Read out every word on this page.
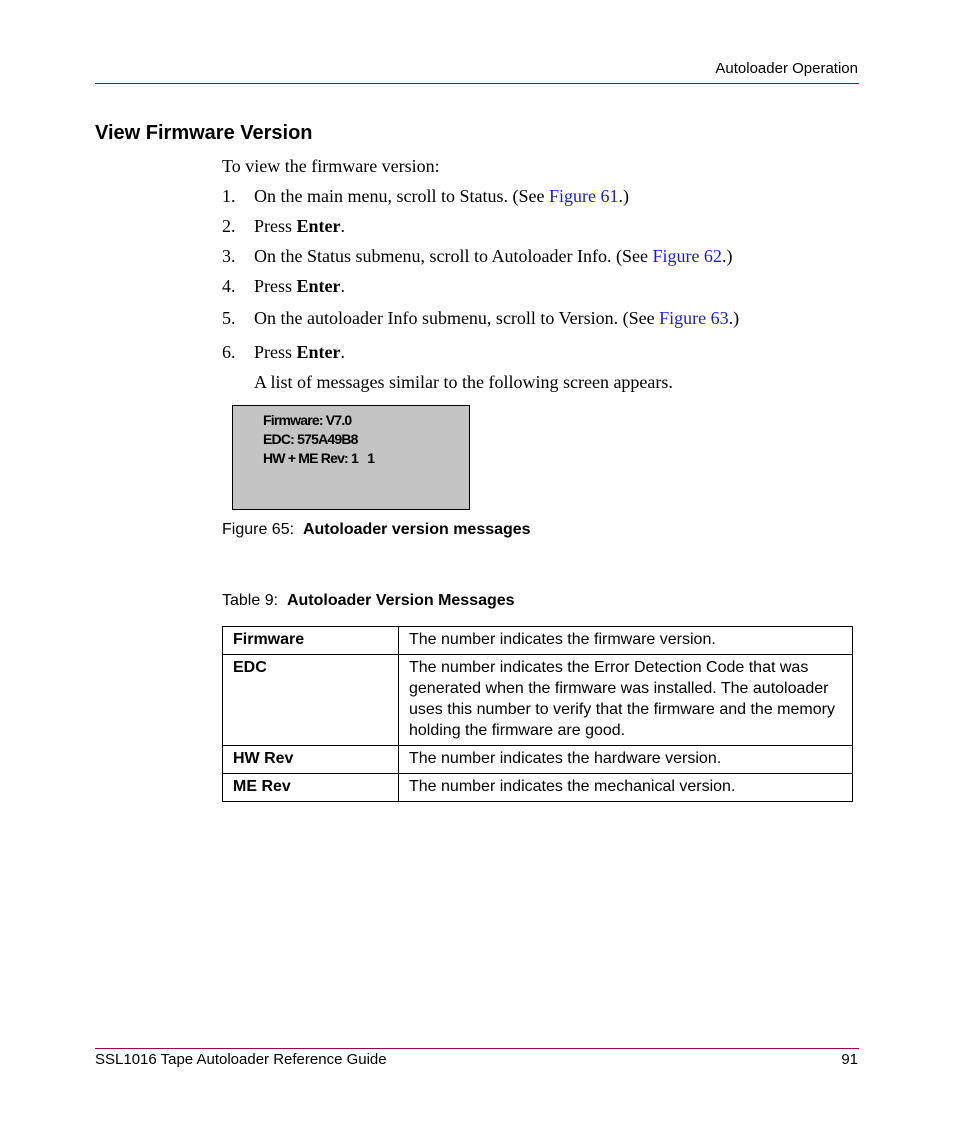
Autoloader Operation
View Firmware Version

To view the firmware version:

1. On the main menu, scroll to Status. (See Figure 61.)
2. Press Enter.
3. On the Status submenu, scroll to Autoloader Info. (See Figure 62.)
4. Press Enter.
5. On the autoloader Info submenu, scroll to Version. (See Figure 63.)
6. Press Enter.

A list of messages similar to the following screen appears.

Firmware: V7.0
EDC: 575A49B8
HW + ME Rev: 1   1

Figure 65: Autoloader version messages

Table 9: Autoloader Version Messages

Firmware	The number indicates the firmware version.
EDC	The number indicates the Error Detection Code that was generated when the firmware was installed. The autoloader uses this number to verify that the firmware and the memory holding the firmware are good.
HW Rev	The number indicates the hardware version.
ME Rev	The number indicates the mechanical version.
SSL1016 Tape Autoloader Reference Guide	91
